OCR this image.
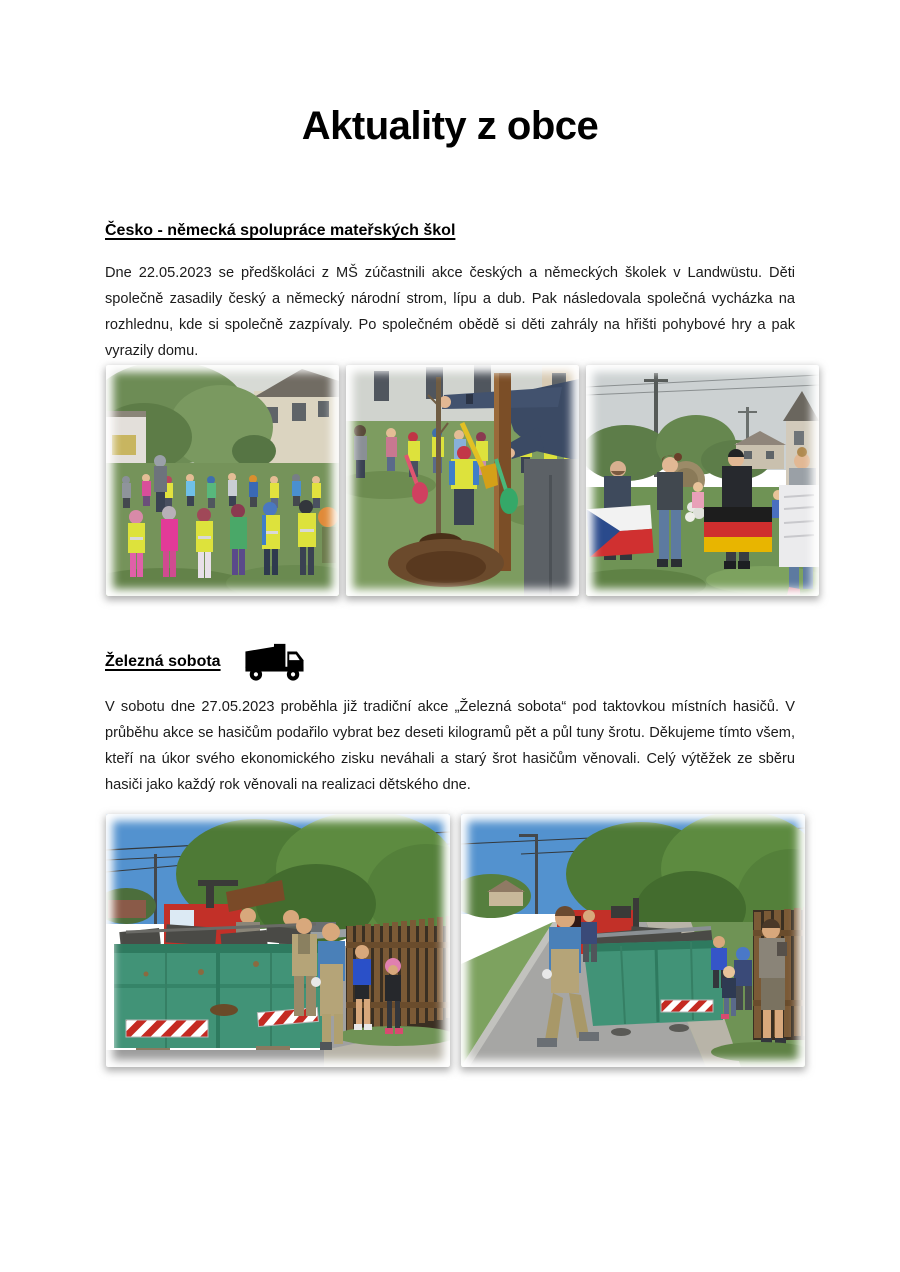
Aktuality z obce
Česko - německá spolupráce mateřských škol
Dne 22.05.2023 se předškoláci z MŠ zúčastnili akce českých a německých školek v Landwüstu. Děti společně zasadily český a německý národní strom, lípu a dub. Pak následovala společná vycházka na rozhlednu, kde si společně zazpívaly. Po společném obědě si děti zahrály na hřišti pohybové hry a pak vyrazily domu.
Železná sobota
V sobotu dne 27.05.2023 proběhla již tradiční akce „Železná sobota“ pod taktovkou místních hasičů. V průběhu akce se hasičům podařilo vybrat bez deseti kilogramů pět a půl tuny šrotu. Děkujeme tímto všem, kteří na úkor svého ekonomického zisku neváhali a starý šrot hasičům věnovali. Celý výtěžek ze sběru hasiči jako každý rok věnovali na realizaci dětského dne.
